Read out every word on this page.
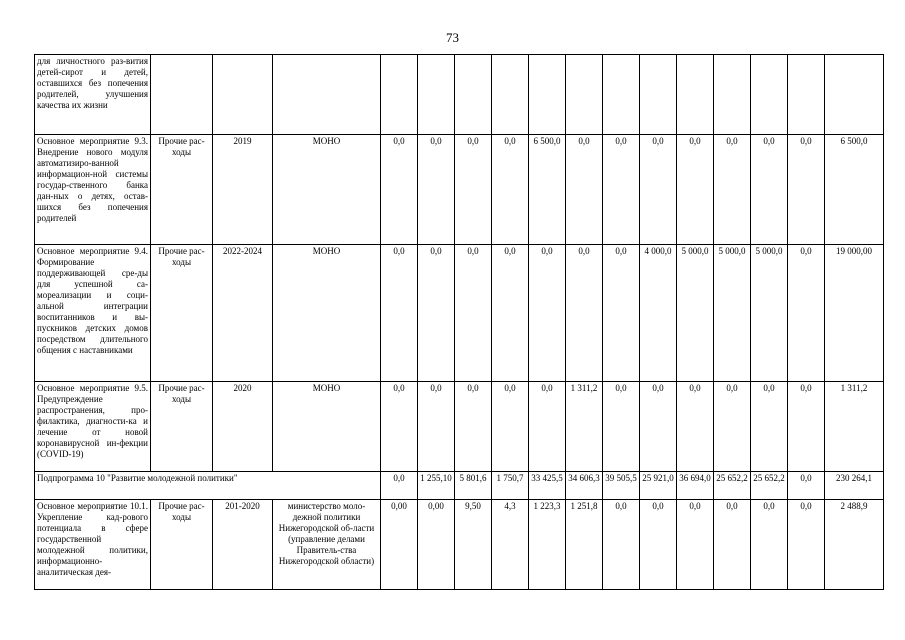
73
для личностного раз-вития детей-сирот и детей, оставшихся без попечения родителей, улучшения качества их жизни																
Основное мероприятие 9.3. Внедрение нового модуля автоматизиро-ванной информацион-ной системы государ-ственного банка дан-ных о детях, остав-шихся без попечения родителей	Прочие рас-ходы	2019	МОНО	0,0	0,0	0,0	0,0	6 500,0	0,0	0,0	0,0	0,0	0,0	0,0	0,0	6 500,0
Основное мероприятие 9.4. Формирование поддерживающей сре-ды для успешной са-мореализации и соци-альной интеграции воспитанников и вы-пускников детских домов посредством длительного общения с наставниками	Прочие рас-ходы	2022-2024	МОНО	0,0	0,0	0,0	0,0	0,0	0,0	0,0	4 000,0	5 000,0	5 000,0	5 000,0	0,0	19 000,00
Основное мероприятие 9.5. Предупреждение распространения, про-филактика, диагности-ка и лечение от новой коронавирусной ин-фекции (COVID-19)	Прочие рас-ходы	2020	МОНО	0,0	0,0	0,0	0,0	0,0	1 311,2	0,0	0,0	0,0	0,0	0,0	0,0	1 311,2
Подпрограмма 10 "Развитие молодежной политики"				0,0	1 255,10	5 801,6	1 750,7	33 425,5	34 606,3	39 505,5	25 921,0	36 694,0	25 652,2	25 652,2	0,0	230 264,1
Основное мероприятие 10.1. Укрепление кад-рового потенциала в сфере государственной молодежной политики, информационно-аналитическая дея-	Прочие рас-ходы	201-2020	министерство моло-дежной политики Нижегородской об-ласти (управление делами Правитель-ства Нижегородской области)	0,00	0,00	9,50	4,3	1 223,3	1 251,8	0,0	0,0	0,0	0,0	0,0	0,0	2 488,9
